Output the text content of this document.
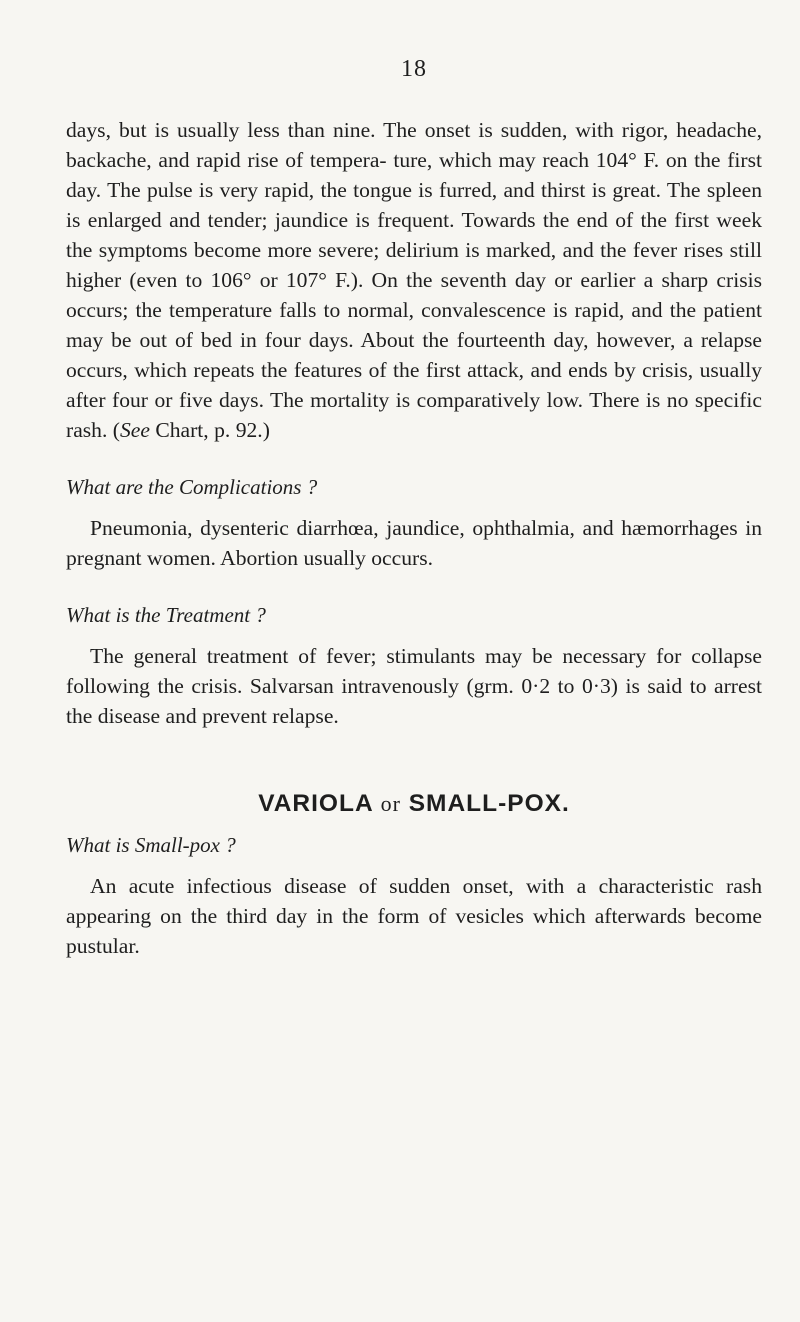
18

days, but is usually less than nine. The onset is sudden, with rigor, headache, backache, and rapid rise of tempera- ture, which may reach 104° F. on the first day. The pulse is very rapid, the tongue is furred, and thirst is great. The spleen is enlarged and tender; jaundice is frequent. Towards the end of the first week the symptoms become more severe; delirium is marked, and the fever rises still higher (even to 106° or 107° F.). On the seventh day or earlier a sharp crisis occurs; the temperature falls to normal, convalescence is rapid, and the patient may be out of bed in four days. About the fourteenth day, however, a relapse occurs, which repeats the features of the first attack, and ends by crisis, usually after four or five days. The mortality is comparatively low. There is no specific rash. (See Chart, p. 92.)

What are the Complications ?

Pneumonia, dysenteric diarrhœa, jaundice, ophthalmia, and hæmorrhages in pregnant women. Abortion usually occurs.

What is the Treatment ?

The general treatment of fever; stimulants may be necessary for collapse following the crisis. Salvarsan intravenously (grm. 0·2 to 0·3) is said to arrest the disease and prevent relapse.

VARIOLA or SMALL-POX.
What is Small-pox ?

An acute infectious disease of sudden onset, with a characteristic rash appearing on the third day in the form of vesicles which afterwards become pustular.
